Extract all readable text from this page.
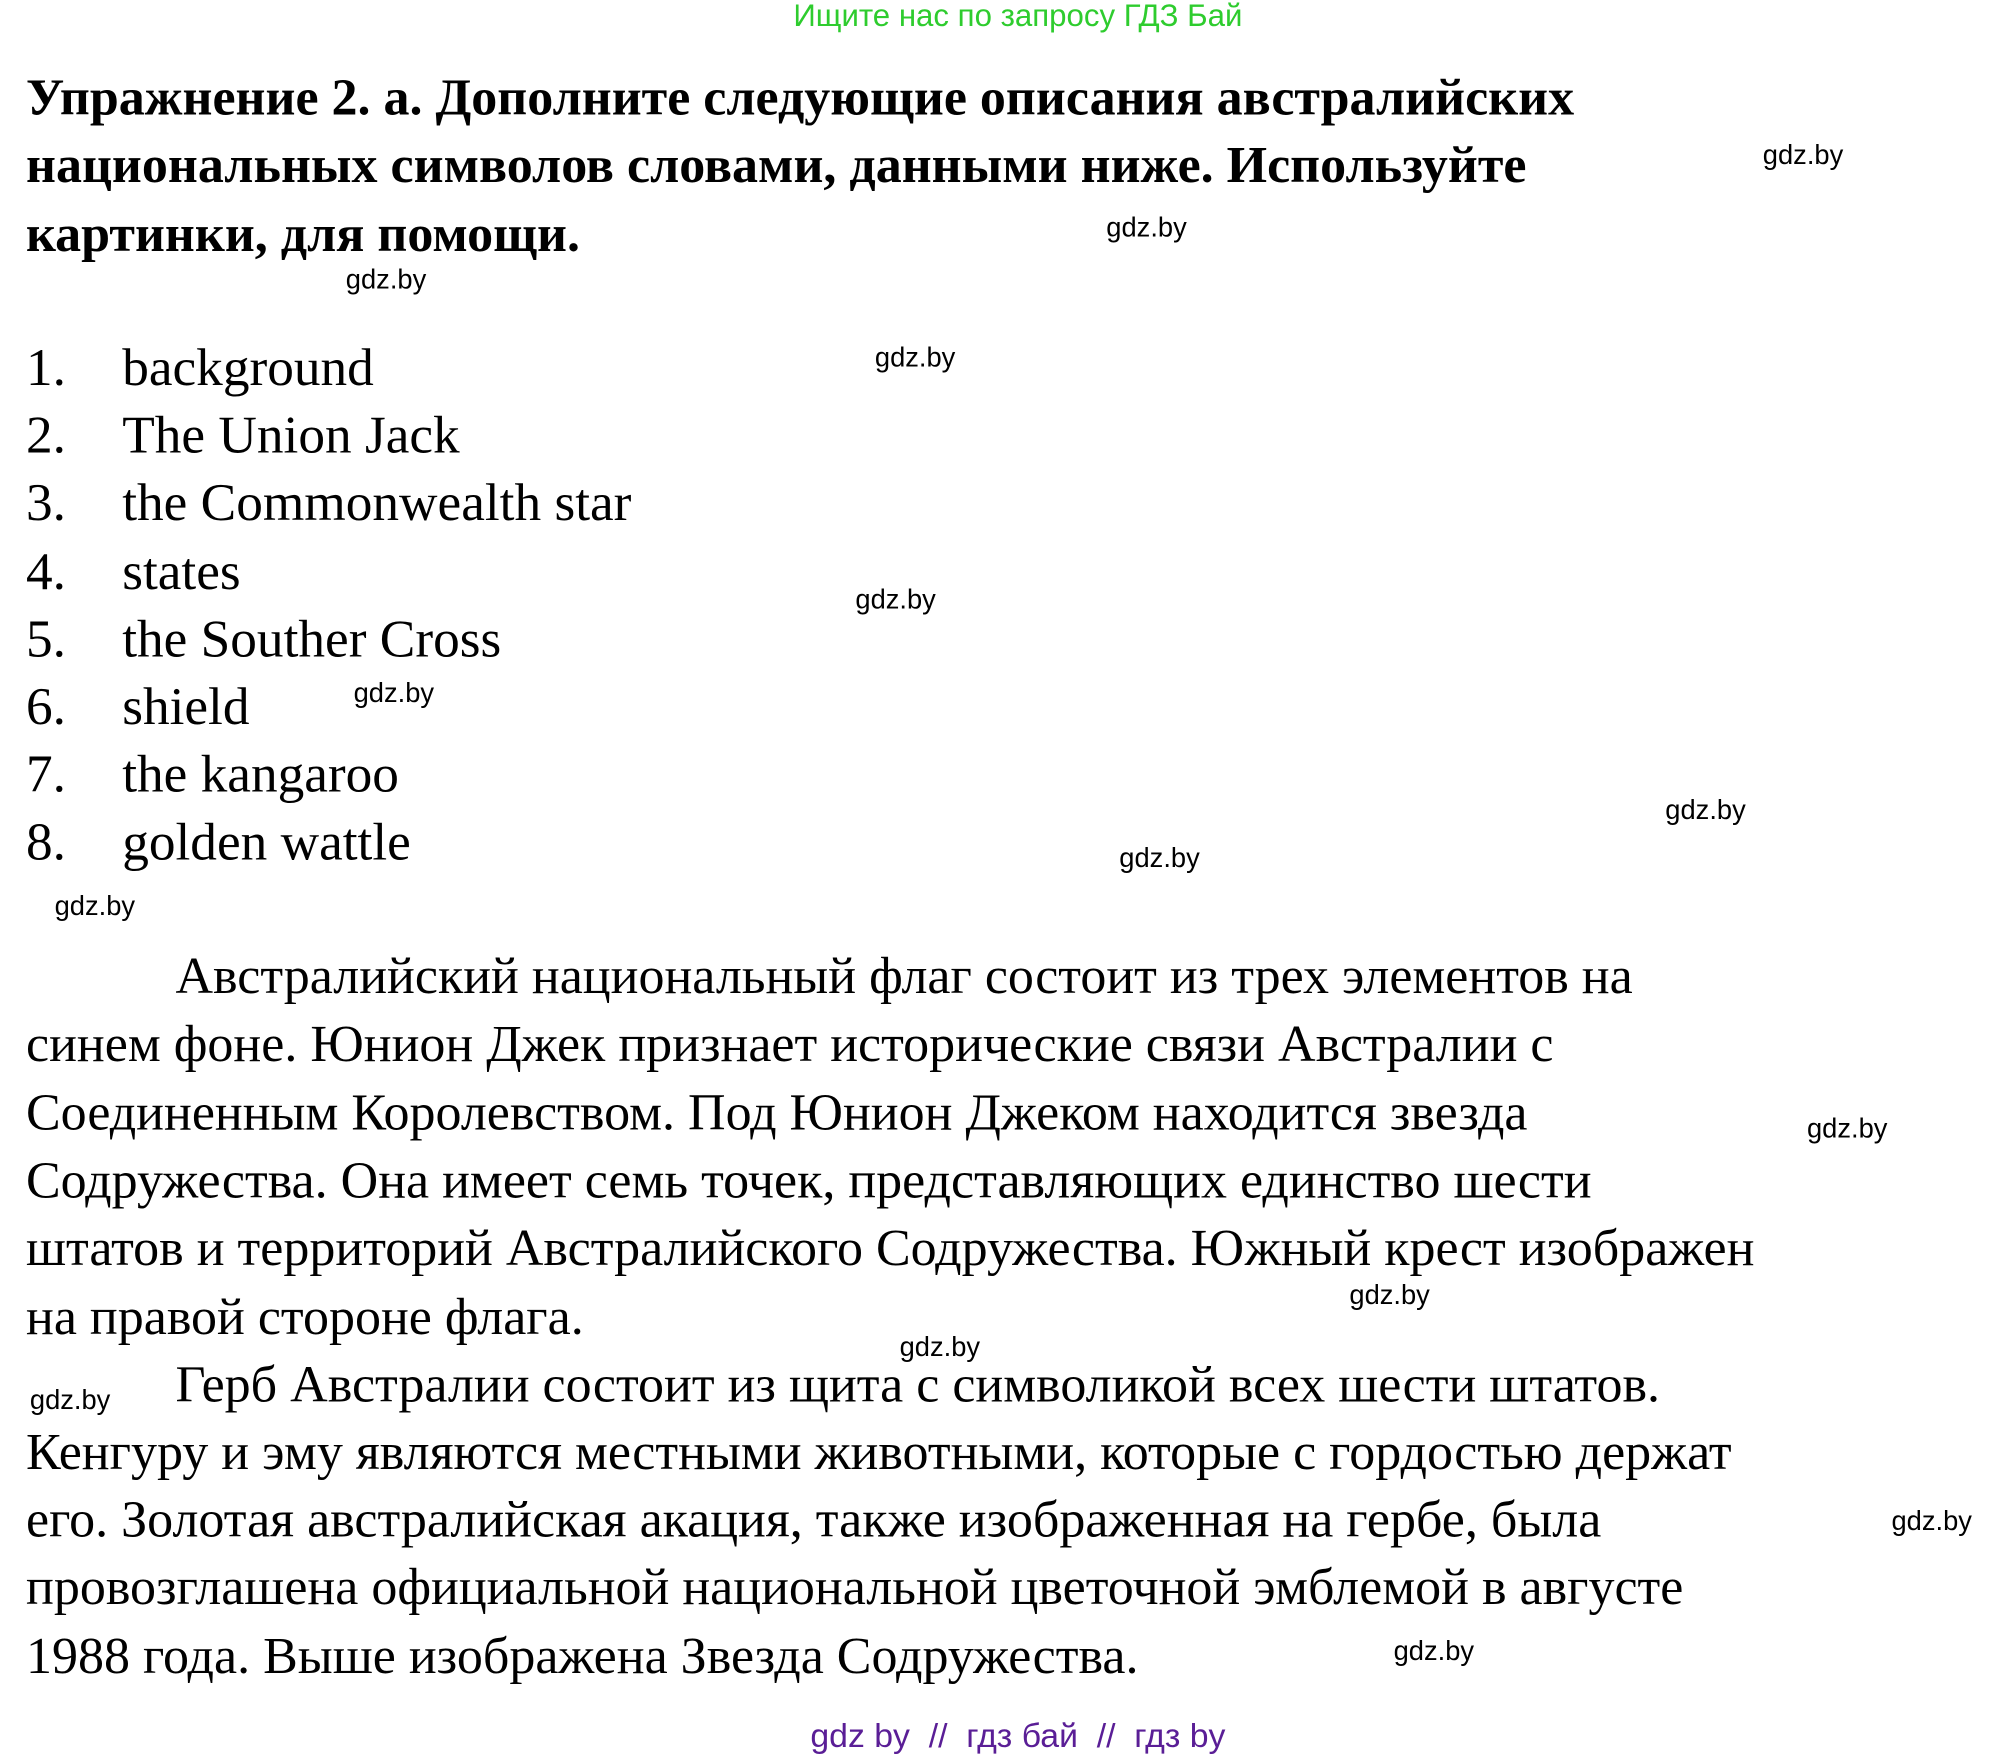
Ищите нас по запросу ГДЗ Бай
Упражнение 2. а. Дополните следующие описания австралийских
национальных символов словами, данными ниже. Используйте
картинки, для помощи.
1. background
2. The Union Jack
3. the Commonwealth star
4. states
5. the Souther Cross
6. shield
7. the kangaroo
8. golden wattle
Австралийский национальный флаг состоит из трех элементов на
синем фоне. Юнион Джек признает исторические связи Австралии с
Соединенным Королевством. Под Юнион Джеком находится звезда
Содружества. Она имеет семь точек, представляющих единство шести
штатов и территорий Австралийского Содружества. Южный крест изображен
на правой стороне флага.
Герб Австралии состоит из щита с символикой всех шести штатов.
Кенгуру и эму являются местными животными, которые с гордостью держат
его. Золотая австралийская акация, также изображенная на гербе, была
провозглашена официальной национальной цветочной эмблемой в августе
1988 года. Выше изображена Звезда Содружества.
gdz.by
gdz.by
gdz.by
gdz.by
gdz.by
gdz.by
gdz.by
gdz.by
gdz.by
gdz.by
gdz.by
gdz.by
gdz.by
gdz.by
gdz.by
gdz by  //  гдз бай  //  гдз by
